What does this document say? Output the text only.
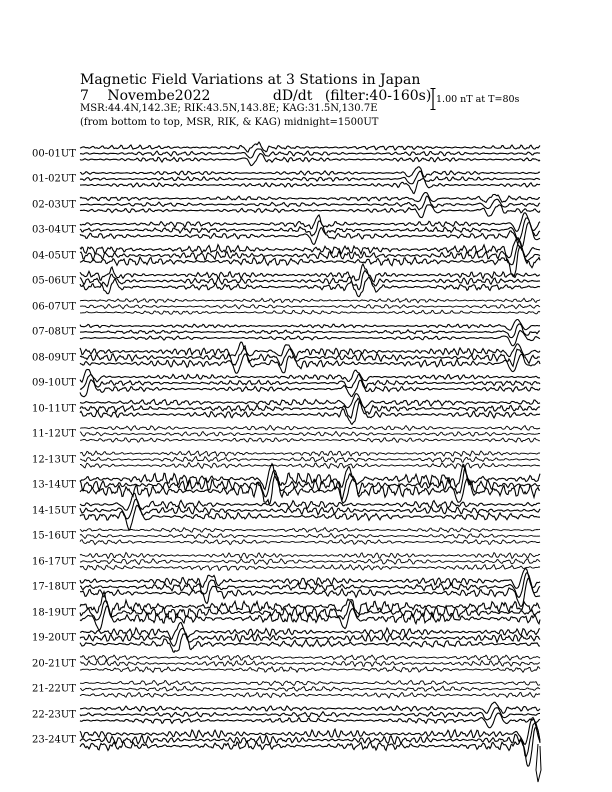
Magnetic Field Variations at 3 Stations in Japan
7 Novembe2022	dD/dt (filter:40-160s)
MSR:44.4N,142.3E; RIK:43.5N,143.8E; KAG:31.5N,130.7E
(from bottom to top, MSR, RIK, & KAG) midnight=1500UT
1.00 nT at T=80s
00-01UT
01-02UT
02-03UT
03-04UT
04-05UT
05-06UT
06-07UT
07-08UT
08-09UT
09-10UT
10-11UT
11-12UT
12-13UT
13-14UT
14-15UT
15-16UT
16-17UT
17-18UT
18-19UT
19-20UT
20-21UT
21-22UT
22-23UT
23-24UT
